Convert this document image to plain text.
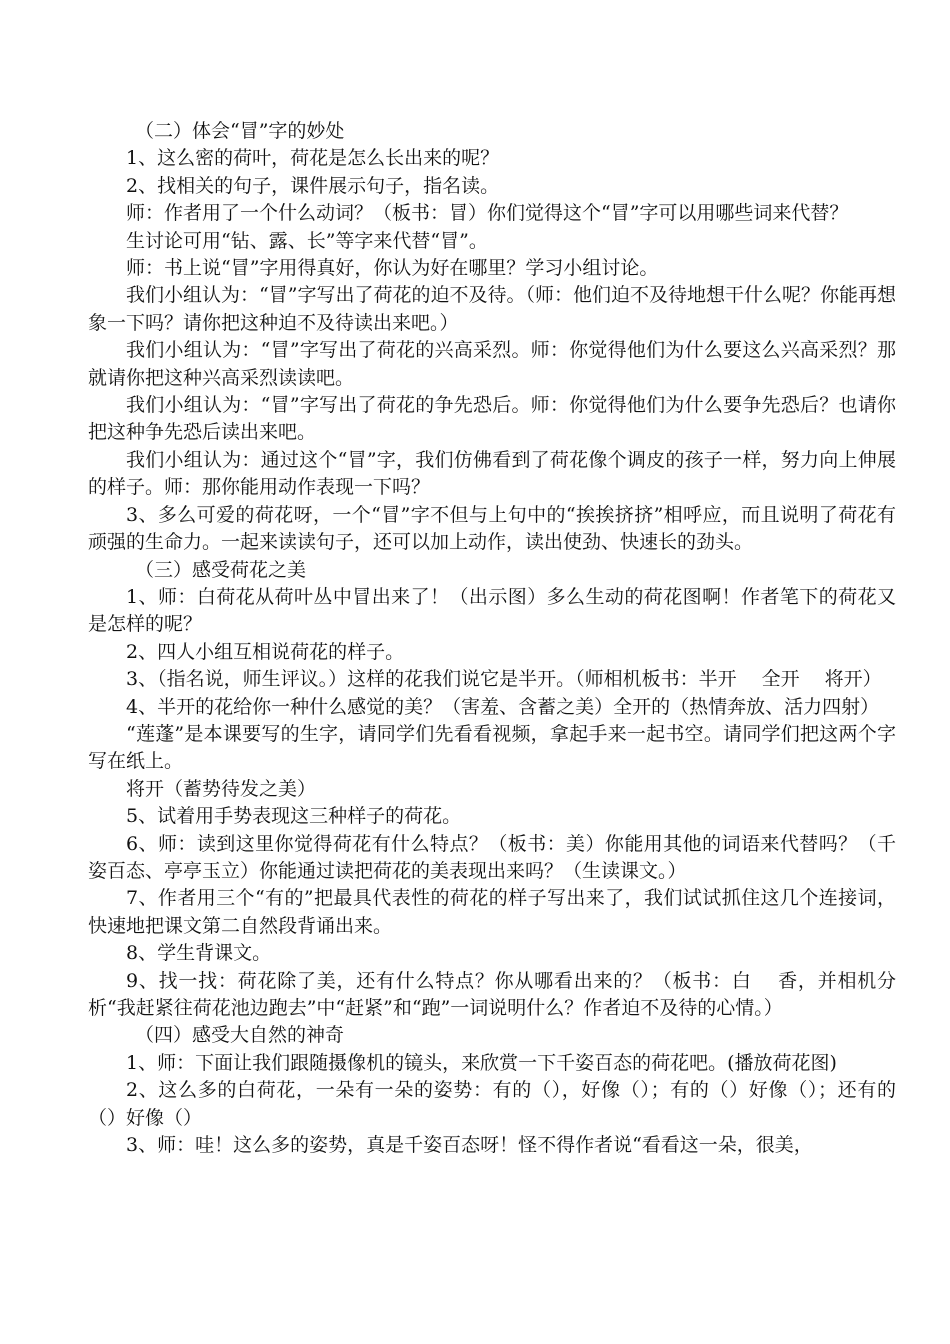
（二）体会“冒”字的妙处

1、这么密的荷叶，荷花是怎么长出来的呢？

2、找相关的句子，课件展示句子，指名读。

师：作者用了一个什么动词？（板书：冒）你们觉得这个“冒”字可以用哪些词来代替？

生讨论可用“钻、露、长”等字来代替“冒”。

师：书上说“冒”字用得真好，你认为好在哪里？学习小组讨论。

我们小组认为：“冒”字写出了荷花的迫不及待。（师：他们迫不及待地想干什么呢？你能再想象一下吗？请你把这种迫不及待读出来吧。）

我们小组认为：“冒”字写出了荷花的兴高采烈。师：你觉得他们为什么要这么兴高采烈？那就请你把这种兴高采烈读读吧。

我们小组认为：“冒”字写出了荷花的争先恐后。师：你觉得他们为什么要争先恐后？也请你把这种争先恐后读出来吧。

我们小组认为：通过这个“冒”字，我们仿佛看到了荷花像个调皮的孩子一样，努力向上伸展的样子。师：那你能用动作表现一下吗？

3、多么可爱的荷花呀，一个“冒”字不但与上句中的“挨挨挤挤”相呼应，而且说明了荷花有顽强的生命力。一起来读读句子，还可以加上动作，读出使劲、快速长的劲头。

（三）感受荷花之美

1、师：白荷花从荷叶丛中冒出来了！（出示图）多么生动的荷花图啊！作者笔下的荷花又是怎样的呢？

2、四人小组互相说荷花的样子。

3、（指名说，师生评议。）这样的花我们说它是半开。（师相机板书：半开　 全开　 将开）

4、半开的花给你一种什么感觉的美？（害羞、含蓄之美）全开的（热情奔放、活力四射）

“莲蓬”是本课要写的生字，请同学们先看看视频，拿起手来一起书空。请同学们把这两个字写在纸上。

将开（蓄势待发之美）

5、试着用手势表现这三种样子的荷花。

6、师：读到这里你觉得荷花有什么特点？（板书：美）你能用其他的词语来代替吗？（千姿百态、亭亭玉立）你能通过读把荷花的美表现出来吗？（生读课文。）

7、作者用三个“有的”把最具代表性的荷花的样子写出来了，我们试试抓住这几个连接词，快速地把课文第二自然段背诵出来。

8、学生背课文。

9、找一找：荷花除了美，还有什么特点？你从哪看出来的？（板书：白　 香，并相机分析“我赶紧往荷花池边跑去”中“赶紧”和“跑”一词说明什么？作者迫不及待的心情。）

（四）感受大自然的神奇

1、师：下面让我们跟随摄像机的镜头，来欣赏一下千姿百态的荷花吧。(播放荷花图)

2、这么多的白荷花，一朵有一朵的姿势：有的（），好像（）；有的（）好像（）；还有的（）好像（）

3、师：哇！这么多的姿势，真是千姿百态呀！怪不得作者说“看看这一朵，很美，
